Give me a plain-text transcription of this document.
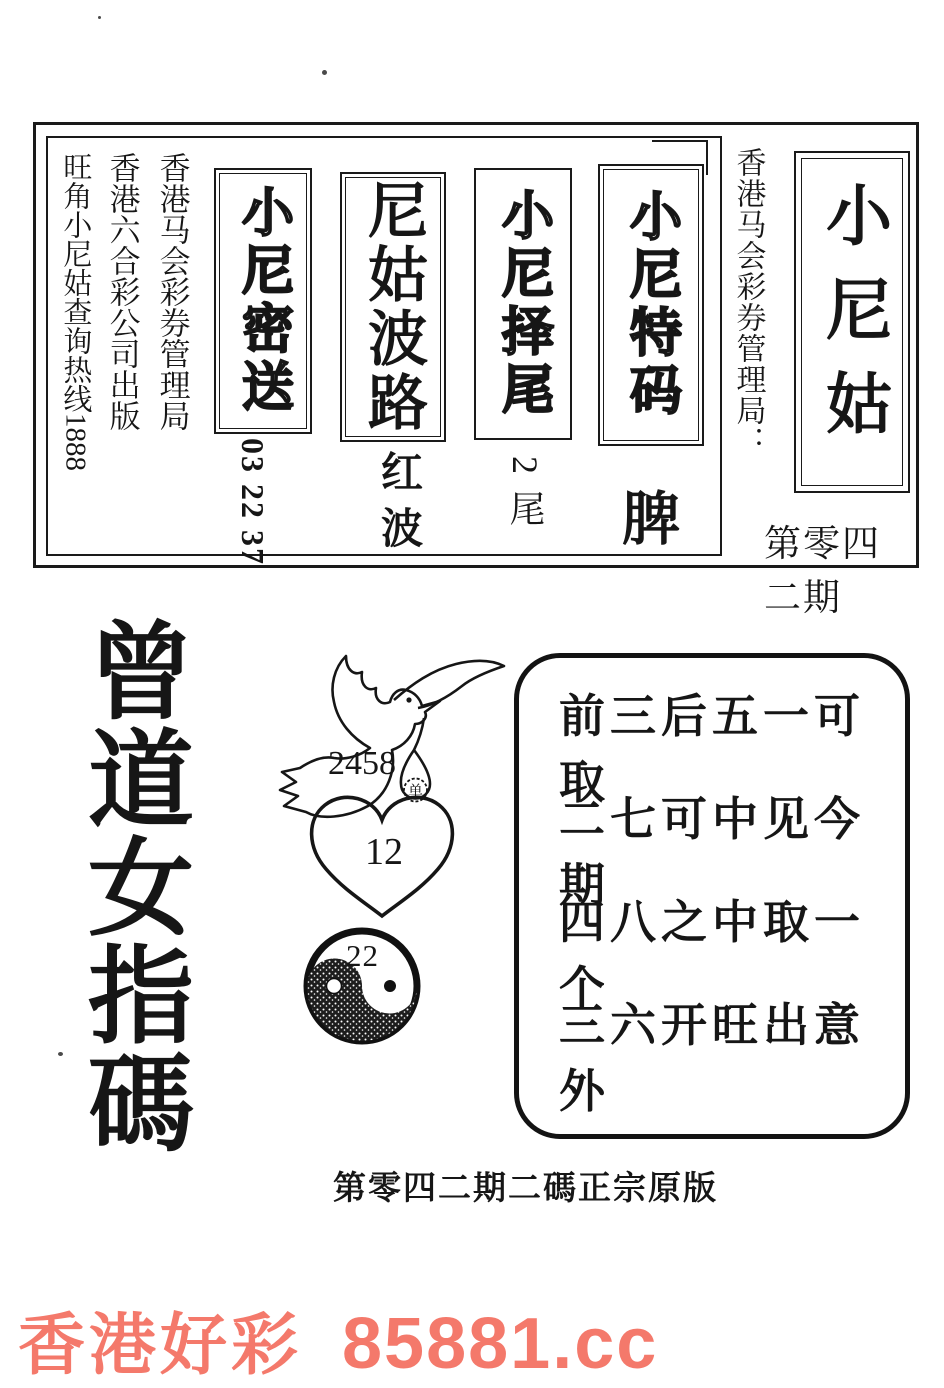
旺角小尼姑查询热线1888 香港六合彩公司出版 香港马会彩券管理局 小尼密送
03 22 37
尼姑波路
红波
小尼择尾
2尾
小尼特码
脾
香港马会彩券管理局： 小尼姑
第零四二期
曾道女指碼	2458
单
12
22
前三后五一可取
二七可中见今期
四八之中取一个
三六开旺出意外
第零四二期二碼正宗原版
香港好彩 85881.cc
